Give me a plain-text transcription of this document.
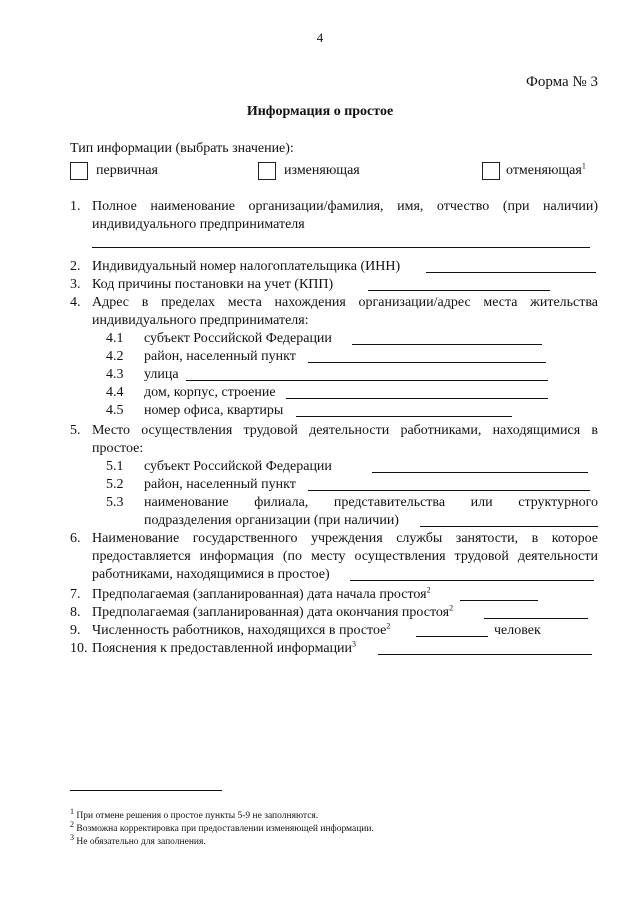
4
Форма № 3
Информация о простое
Тип информации (выбрать значение):
первичная	изменяющая	отменяющая$^1$
1. Полное наименование организации/фамилия, имя, отчество (при наличии)
индивидуального предпринимателя
2. Индивидуальный номер налогоплательщика (ИНН)
3. Код причины постановки на учет (КПП)
4. Адрес в пределах места нахождения организации/адрес места жительства
индивидуального предпринимателя:
4.1 субъект Российской Федерации
4.2 район, населенный пункт
4.3 улица
4.4 дом, корпус, строение
4.5 номер офиса, квартиры
5. Место осуществления трудовой деятельности работниками, находящимися в
простое:
5.1 субъект Российской Федерации
5.2 район, населенный пункт
5.3 наименование филиала, представительства или структурного
подразделения организации (при наличии)
6. Наименование государственного учреждения службы занятости, в которое
предоставляется информация (по месту осуществления трудовой деятельности
работниками, находящимися в простое)
7. Предполагаемая (запланированная) дата начала простоя$^2$
8. Предполагаемая (запланированная) дата окончания простоя$^2$
9. Численность работников, находящихся в простое$^2$	человек
10. Пояснения к предоставленной информации$^3$
$^1$ При отмене решения о простое пункты 5-9 не заполняются.
$^2$ Возможна корректировка при предоставлении изменяющей информации.
$^3$ Не обязательно для заполнения.
